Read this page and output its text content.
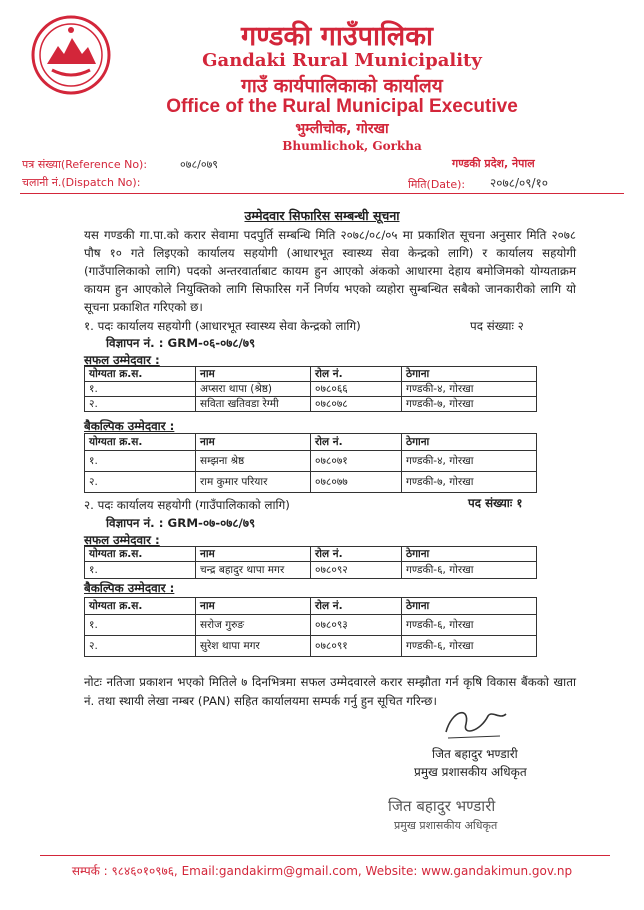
गण्डकी गाउँपालिका
Gandaki Rural Municipality
गाउँ कार्यपालिकाको कार्यालय
Office of the Rural Municipal Executive
भुम्लीचोक, गोरखा
Bhumlichok, Gorkha
पत्र संख्या(Reference No):	०७८/०७९
चलानी नं.(Dispatch No):
गण्डकी प्रदेश, नेपाल
मिति(Date): २०७८/०९/१०
उम्मेदवार सिफारिस सम्बन्धी सूचना
यस गण्डकी गा.पा.को करार सेवामा पदपुर्ति सम्बन्धि मिति २०७८/०८/०५ मा प्रकाशित सूचना अनुसार मिति २०७८ पौष १० गते लिइएको कार्यालय सहयोगी (आधारभूत स्वास्थ्य सेवा केन्द्रको लागि) र कार्यालय सहयोगी (गाउँपालिकाको लागि) पदको अन्तरवार्ताबाट कायम हुन आएको अंकको आधारमा देहाय बमोजिमको योग्यताक्रम कायम हुन आएकोले नियुक्तिको लागि सिफारिस गर्ने निर्णय भएको व्यहोरा सुम्बन्धित सबैको जानकारीको लागि यो सूचना प्रकाशित गरिएको छ।
१. पदः कार्यालय सहयोगी (आधारभूत स्वास्थ्य सेवा केन्द्रको लागि)	पद संख्याः २
विज्ञापन नं. : GRM-०६-०७८/७९
सफल उम्मेदवार :
योग्यता क्र.स.	नाम	रोल नं.	ठेगाना
१.	अप्सरा थापा (श्रेष्ठ)	०७८०६६	गण्डकी-४, गोरखा
२.	सविता खतिवडा रेग्मी	०७८०७८	गण्डकी-७, गोरखा
बैकल्पिक उम्मेदवार :
योग्यता क्र.स.	नाम	रोल नं.	ठेगाना
१.	सम्झना श्रेष्ठ	०७८०७१	गण्डकी-४, गोरखा
२.	राम कुमार परियार	०७८०७७	गण्डकी-७, गोरखा
२. पदः कार्यालय सहयोगी (गाउँपालिकाको लागि)	पद संख्याः १
विज्ञापन नं. : GRM-०७-०७८/७९
सफल उम्मेदवार :
योग्यता क्र.स.	नाम	रोल नं.	ठेगाना
१.	चन्द्र बहादुर थापा मगर	०७८०९२	गण्डकी-६, गोरखा
बैकल्पिक उम्मेदवार :
योग्यता क्र.स.	नाम	रोल नं.	ठेगाना
१.	सरोज गुरुङ	०७८०९३	गण्डकी-६, गोरखा
२.	सुरेश थापा मगर	०७८०९१	गण्डकी-६, गोरखा
नोटः नतिजा प्रकाशन भएको मितिले ७ दिनभित्रमा सफल उम्मेदवारले करार सम्झौता गर्न कृषि विकास बैंकको खाता नं. तथा स्थायी लेखा नम्बर (PAN) सहित कार्यालयमा सम्पर्क गर्नु हुन सूचित गरिन्छ।
जित बहादुर भण्डारी
प्रमुख प्रशासकीय अधिकृत
जित बहादुर भण्डारी
प्रमुख प्रशासकीय अधिकृत
सम्पर्क : ९८४६०१०९७६, Email:gandakirm@gmail.com, Website: www.gandakimun.gov.np
